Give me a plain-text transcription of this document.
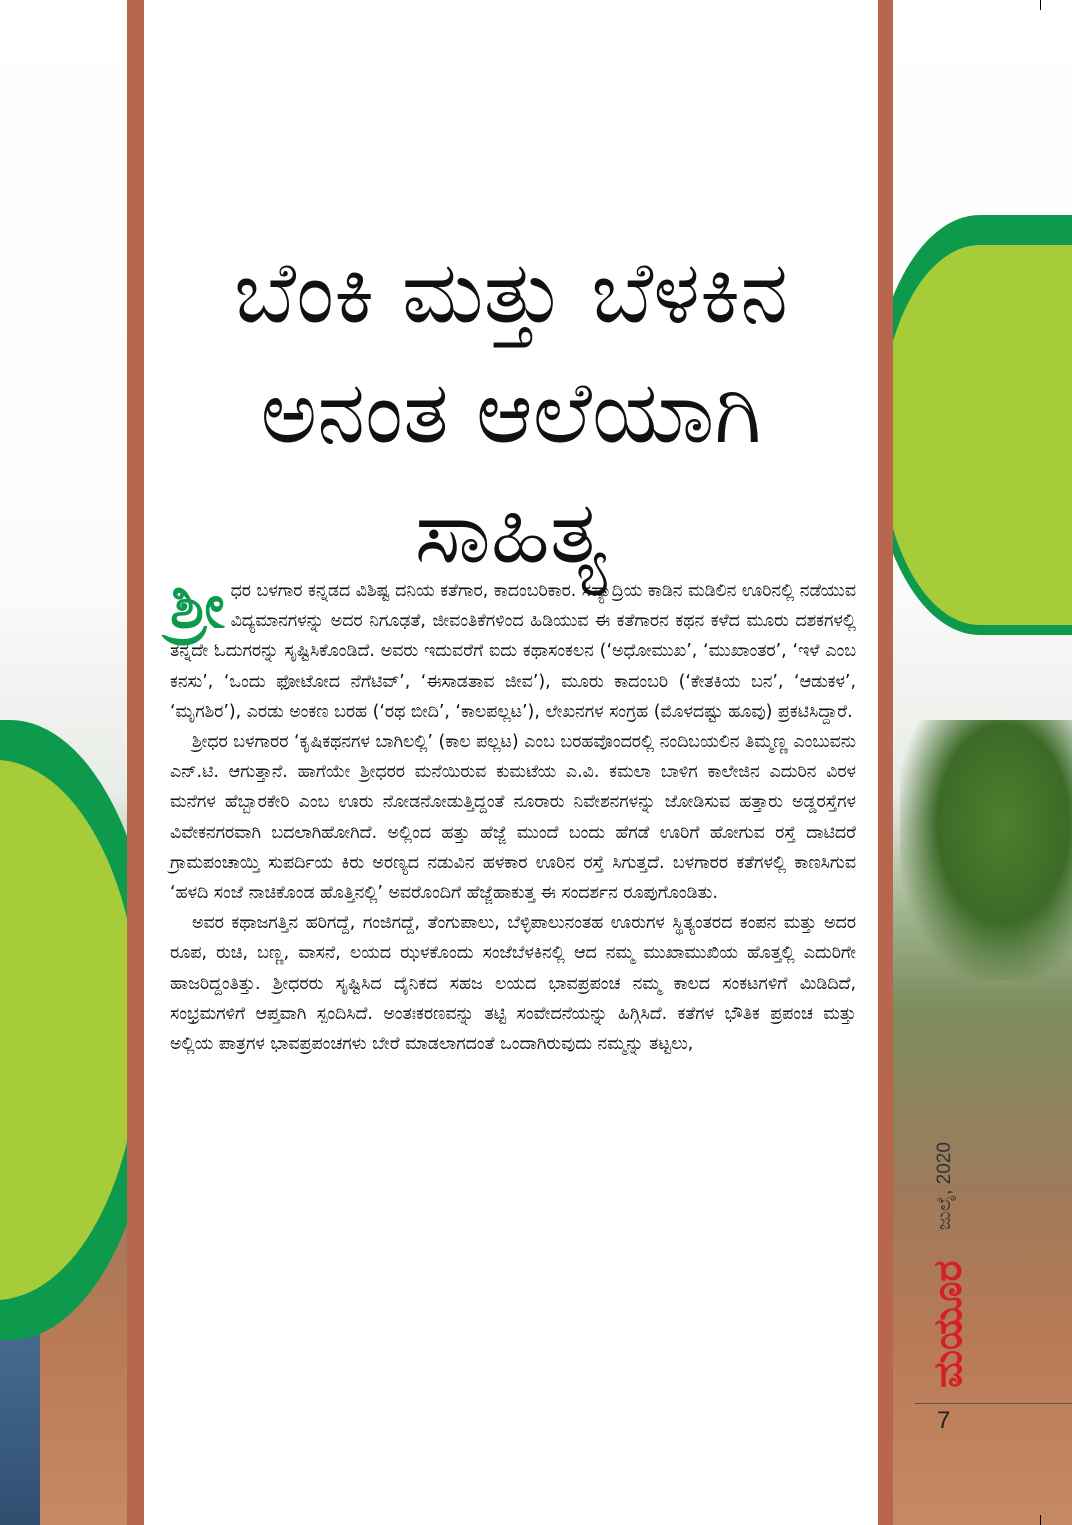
ಬೆಂಕಿ ಮತ್ತು ಬೆಳಕಿನ
ಅನಂತ ಆಲೆಯಾಗಿ
ಸಾಹಿತ್ಯ

ಶ್ರೀ ಧರ ಬಳಗಾರ ಕನ್ನಡದ ವಿಶಿಷ್ಟ ದನಿಯ ಕತೆಗಾರ, ಕಾದಂಬರಿಕಾರ. ಸಹ್ಯಾದ್ರಿಯ ಕಾಡಿನ ಮಡಿಲಿನ ಊರಿನಲ್ಲಿ ನಡೆಯುವ ವಿದ್ಯಮಾನಗಳನ್ನು ಅದರ ನಿಗೂಢತೆ, ಜೀವಂತಿಕೆಗಳಿಂದ ಹಿಡಿಯುವ ಈ ಕತೆಗಾರನ ಕಥನ ಕಳೆದ ಮೂರು ದಶಕಗಳಲ್ಲಿ ತನ್ನದೇ ಓದುಗರನ್ನು ಸೃಷ್ಟಿಸಿಕೊಂಡಿದೆ. ಅವರು ಇದುವರೆಗೆ ಐದು ಕಥಾಸಂಕಲನ (‘ಅಧೋಮುಖ’, ‘ಮುಖಾಂತರ’, ‘ಇಳೆ ಎಂಬ ಕನಸು’, ‘ಒಂದು ಫೋಟೋದ ನೆಗೆಟಿವ್’, ‘ಈಸಾಡತಾವ ಜೀವ’), ಮೂರು ಕಾದಂಬರಿ (‘ಕೇತಕಿಯ ಬನ’, ‘ಆಡುಕಳ’, ‘ಮೃಗಶಿರ’), ಎರಡು ಅಂಕಣ ಬರಹ (‘ರಥ ಬೀದಿ’, ‘ಕಾಲಪಲ್ಲಟ’), ಲೇಖನಗಳ ಸಂಗ್ರಹ (ಮೊಳದಷ್ಟು ಹೂವು) ಪ್ರಕಟಿಸಿದ್ದಾರೆ.

ಶ್ರೀಧರ ಬಳಗಾರರ ‘ಕೃಷಿಕಥನಗಳ ಬಾಗಿಲಲ್ಲಿ’ (ಕಾಲ ಪಲ್ಲಟ) ಎಂಬ ಬರಹವೊಂದರಲ್ಲಿ ನಂದಿಬಯಲಿನ ತಿಮ್ಮಣ್ಣ ಎಂಬುವನು ಎನ್.ಟಿ. ಆಗುತ್ತಾನೆ. ಹಾಗೆಯೇ ಶ್ರೀಧರರ ಮನೆಯಿರುವ ಕುಮಟೆಯ ಎ.ವಿ. ಕಮಲಾ ಬಾಳಿಗ ಕಾಲೇಜಿನ ಎದುರಿನ ವಿರಳ ಮನೆಗಳ ಹೆಬ್ಬಾರಕೇರಿ ಎಂಬ ಊರು ನೋಡನೋಡುತ್ತಿದ್ದಂತೆ ನೂರಾರು ನಿವೇಶನಗಳನ್ನು ಜೋಡಿಸುವ ಹತ್ತಾರು ಅಡ್ಡರಸ್ತೆಗಳ ವಿವೇಕನಗರವಾಗಿ ಬದಲಾಗಿಹೋಗಿದೆ. ಅಲ್ಲಿಂದ ಹತ್ತು ಹೆಜ್ಜೆ ಮುಂದೆ ಬಂದು ಹೆಗಡೆ ಊರಿಗೆ ಹೋಗುವ ರಸ್ತೆ ದಾಟಿದರೆ ಗ್ರಾಮಪಂಚಾಯ್ತಿ ಸುಪರ್ದಿಯ ಕಿರು ಅರಣ್ಯದ ನಡುವಿನ ಹಳಕಾರ ಊರಿನ ರಸ್ತೆ ಸಿಗುತ್ತದೆ. ಬಳಗಾರರ ಕತೆಗಳಲ್ಲಿ ಕಾಣಸಿಗುವ ‘ಹಳದಿ ಸಂಜೆ ನಾಚಿಕೊಂಡ ಹೊತ್ತಿನಲ್ಲಿ’ ಅವರೊಂದಿಗೆ ಹೆಜ್ಜೆಹಾಕುತ್ತ ಈ ಸಂದರ್ಶನ ರೂಪುಗೊಂಡಿತು.

ಅವರ ಕಥಾಜಗತ್ತಿನ ಹರಿಗದ್ದೆ, ಗಂಜಿಗದ್ದೆ, ತೆಂಗುಪಾಲು, ಬೆಳ್ಳಿಪಾಲುನಂತಹ ಊರುಗಳ ಸ್ಥಿತ್ಯಂತರದ ಕಂಪನ ಮತ್ತು ಅದರ ರೂಪ, ರುಚಿ, ಬಣ್ಣ, ವಾಸನೆ, ಲಯದ ಝಳಕೊಂದು ಸಂಜೆಬೆಳಕಿನಲ್ಲಿ ಆದ ನಮ್ಮ ಮುಖಾಮುಖಿಯ ಹೊತ್ತಲ್ಲಿ ಎದುರಿಗೇ ಹಾಜರಿದ್ದಂತಿತ್ತು. ಶ್ರೀಧರರು ಸೃಷ್ಟಿಸಿದ ದೈನಿಕದ ಸಹಜ ಲಯದ ಭಾವಪ್ರಪಂಚ ನಮ್ಮ ಕಾಲದ ಸಂಕಟಗಳಿಗೆ ಮಿಡಿದಿದೆ, ಸಂಭ್ರಮಗಳಿಗೆ ಆಪ್ತವಾಗಿ ಸ್ಪಂದಿಸಿದೆ. ಅಂತಃಕರಣವನ್ನು ತಟ್ಟಿ ಸಂವೇದನೆಯನ್ನು ಹಿಗ್ಗಿಸಿದೆ. ಕತೆಗಳ ಭೌತಿಕ ಪ್ರಪಂಚ ಮತ್ತು ಅಲ್ಲಿಯ ಪಾತ್ರಗಳ ಭಾವಪ್ರಪಂಚಗಳು ಬೇರೆ ಮಾಡಲಾಗದಂತೆ ಒಂದಾಗಿರುವುದು ನಮ್ಮನ್ನು ತಟ್ಟಲು,

ಜುಲೈ, 2020
ಮಯೂರ
7
